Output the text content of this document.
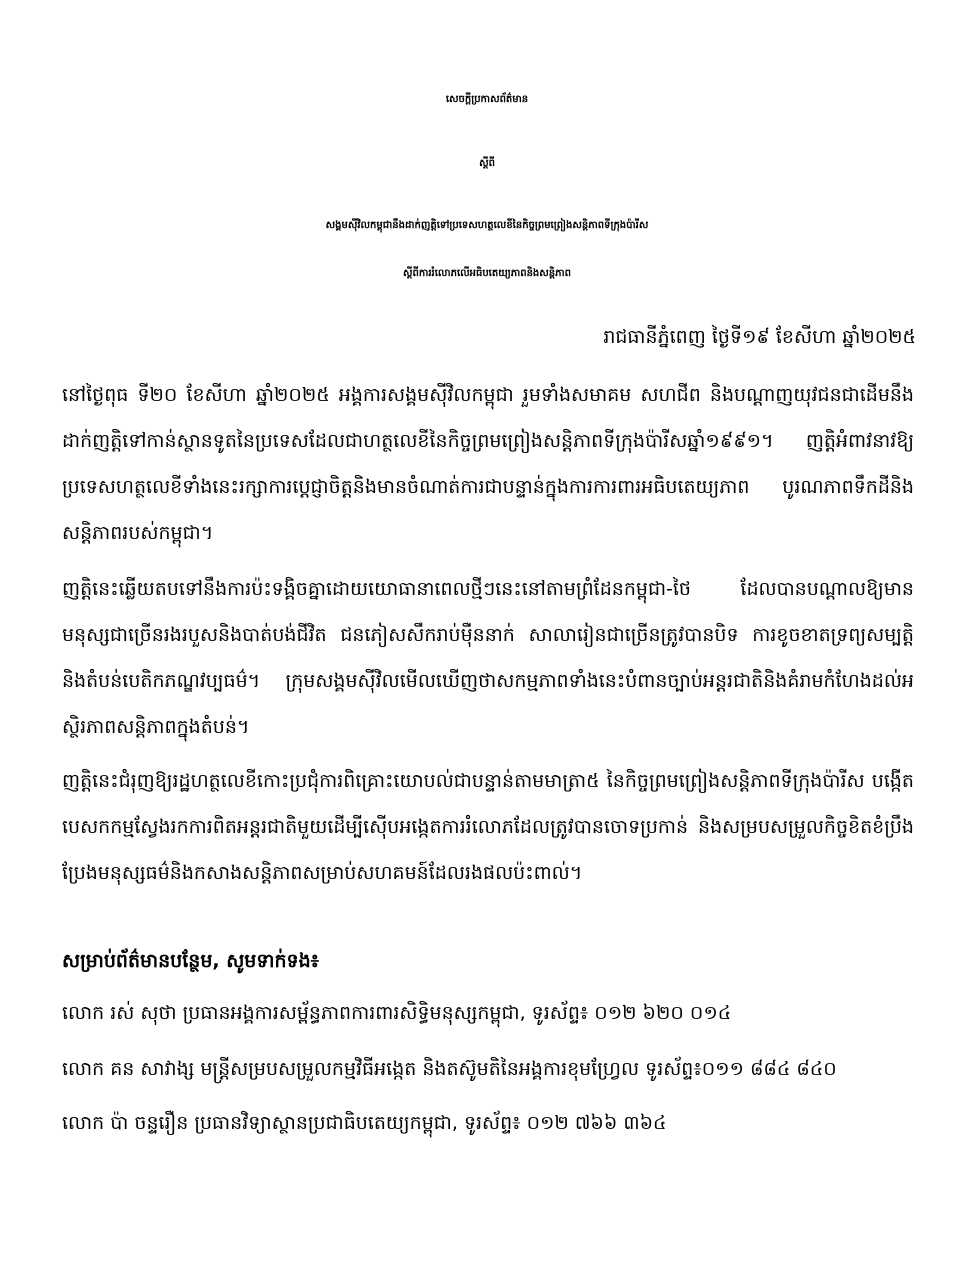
សេចក្តីប្រកាសព័ត៌មាន
ស្តីពី
សង្គមស៊ីវិលកម្ពុជានឹងដាក់ញត្តិទៅប្រទេសហត្ថលេខីនៃកិច្ចព្រមព្រៀងសន្តិភាពទីក្រុងប៉ារីស
ស្តីពីការរំលោភលើអធិបតេយ្យភាពនិងសន្តិភាព
រាជធានីភ្នំពេញ ថ្ងៃទី១៩ ខែសីហា ឆ្នាំ២០២៥
នៅថ្ងៃពុធ ទី២០ ខែសីហា ឆ្នាំ២០២៥ អង្គការសង្គមស៊ីវិលកម្ពុជា រួមទាំងសមាគម សហជីព និងបណ្តាញយុវជនជាដើមនឹងដាក់ញត្តិទៅកាន់ស្ថានទូតនៃប្រទេសដែលជាហត្ថលេខីនៃកិច្ចព្រមព្រៀងសន្តិភាពទីក្រុងប៉ារីសឆ្នាំ១៩៩១។ ញត្តិអំពាវនាវឱ្យប្រទេសហត្ថលេខីទាំងនេះរក្សាការប្តេជ្ញាចិត្តនិងមានចំណាត់ការជាបន្ទាន់ក្នុងការការពារអធិបតេយ្យភាព បូរណភាពទឹកដីនិងសន្តិភាពរបស់កម្ពុជា។
ញត្តិនេះឆ្លើយតបទៅនឹងការប៉ះទង្គិចគ្នាដោយយោធានាពេលថ្មីៗនេះនៅតាមព្រំដែនកម្ពុជា-ថៃ ដែលបានបណ្តាលឱ្យមានមនុស្សជាច្រើនរងរបួសនិងបាត់បង់ជីវិត ជនភៀសសឹករាប់ម៉ឺននាក់ សាលារៀនជាច្រើនត្រូវបានបិទ ការខូចខាតទ្រព្យសម្បត្តិ និងតំបន់បេតិកភណ្ឌវប្បធម៌។ ក្រុមសង្គមស៊ីវិលមើលឃើញថាសកម្មភាពទាំងនេះបំពានច្បាប់អន្តរជាតិនិងគំរាមកំហែងដល់អស្ថិរភាពសន្តិភាពក្នុងតំបន់។
ញត្តិនេះជំរុញឱ្យរដ្ឋហត្ថលេខីកោះប្រជុំការពិគ្រោះយោបល់ជាបន្ទាន់តាមមាត្រា៥ នៃកិច្ចព្រមព្រៀងសន្តិភាពទីក្រុងប៉ារីស បង្កើតបេសកកម្មស្វែងរកការពិតអន្តរជាតិមួយដើម្បីស៊ើបអង្កេតការរំលោភដែលត្រូវបានចោទប្រកាន់ និងសម្របសម្រួលកិច្ចខិតខំប្រឹងប្រែងមនុស្សធម៌និងកសាងសន្តិភាពសម្រាប់សហគមន៍ដែលរងផលប៉ះពាល់។
សម្រាប់ព័ត៌មានបន្ថែម, សូមទាក់ទង៖
លោក រស់ សុថា ប្រធានអង្គការសម្ព័ន្ធភាពការពារសិទ្ធិមនុស្សកម្ពុជា, ទូរស័ព្ទ៖ ០១២ ៦២០ ០១៤
លោក គន សាវាង្ស មន្ត្រីសម្របសម្រួលកម្មវិធីអង្កេត និងតស៊ូមតិនៃអង្គការខុមហ្វ្រែល ទូរស័ព្ទ៖០១១ ៨៨៤ ៨៤០
លោក ប៉ា ចន្ទរឿន ប្រធានវិទ្យាស្ថានប្រជាធិបតេយ្យកម្ពុជា, ទូរស័ព្ទ៖ ០១២ ៧៦៦ ៣៦៤
